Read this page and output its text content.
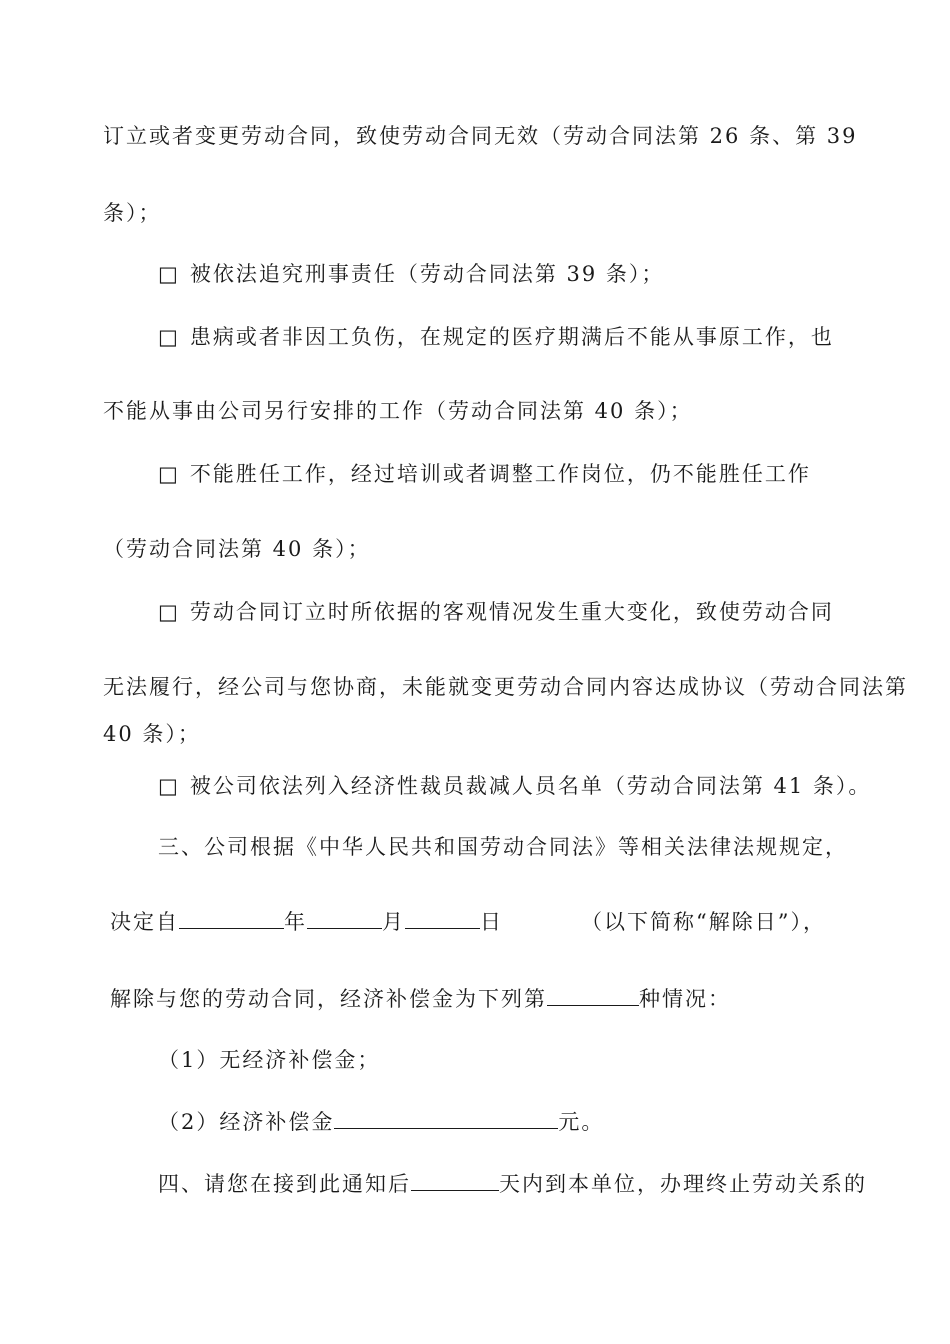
订立或者变更劳动合同，致使劳动合同无效（劳动合同法第 26 条、第 39
条）；
□ 被依法追究刑事责任（劳动合同法第 39 条）；
□ 患病或者非因工负伤，在规定的医疗期满后不能从事原工作，也
不能从事由公司另行安排的工作（劳动合同法第 40 条）；
□ 不能胜任工作，经过培训或者调整工作岗位，仍不能胜任工作
（劳动合同法第 40 条）；
□ 劳动合同订立时所依据的客观情况发生重大变化，致使劳动合同
无法履行，经公司与您协商，未能就变更劳动合同内容达成协议（劳动合同法第
40 条）；
□ 被公司依法列入经济性裁员裁减人员名单（劳动合同法第 41 条）。
三、公司根据《中华人民共和国劳动合同法》等相关法律法规规定，
决定自	年	月	日	（以下简称“解除日”），
解除与您的劳动合同，经济补偿金为下列第	种情况：
（1）无经济补偿金；
（2）经济补偿金	元。
四、请您在接到此通知后	天内到本单位，办理终止劳动关系的
